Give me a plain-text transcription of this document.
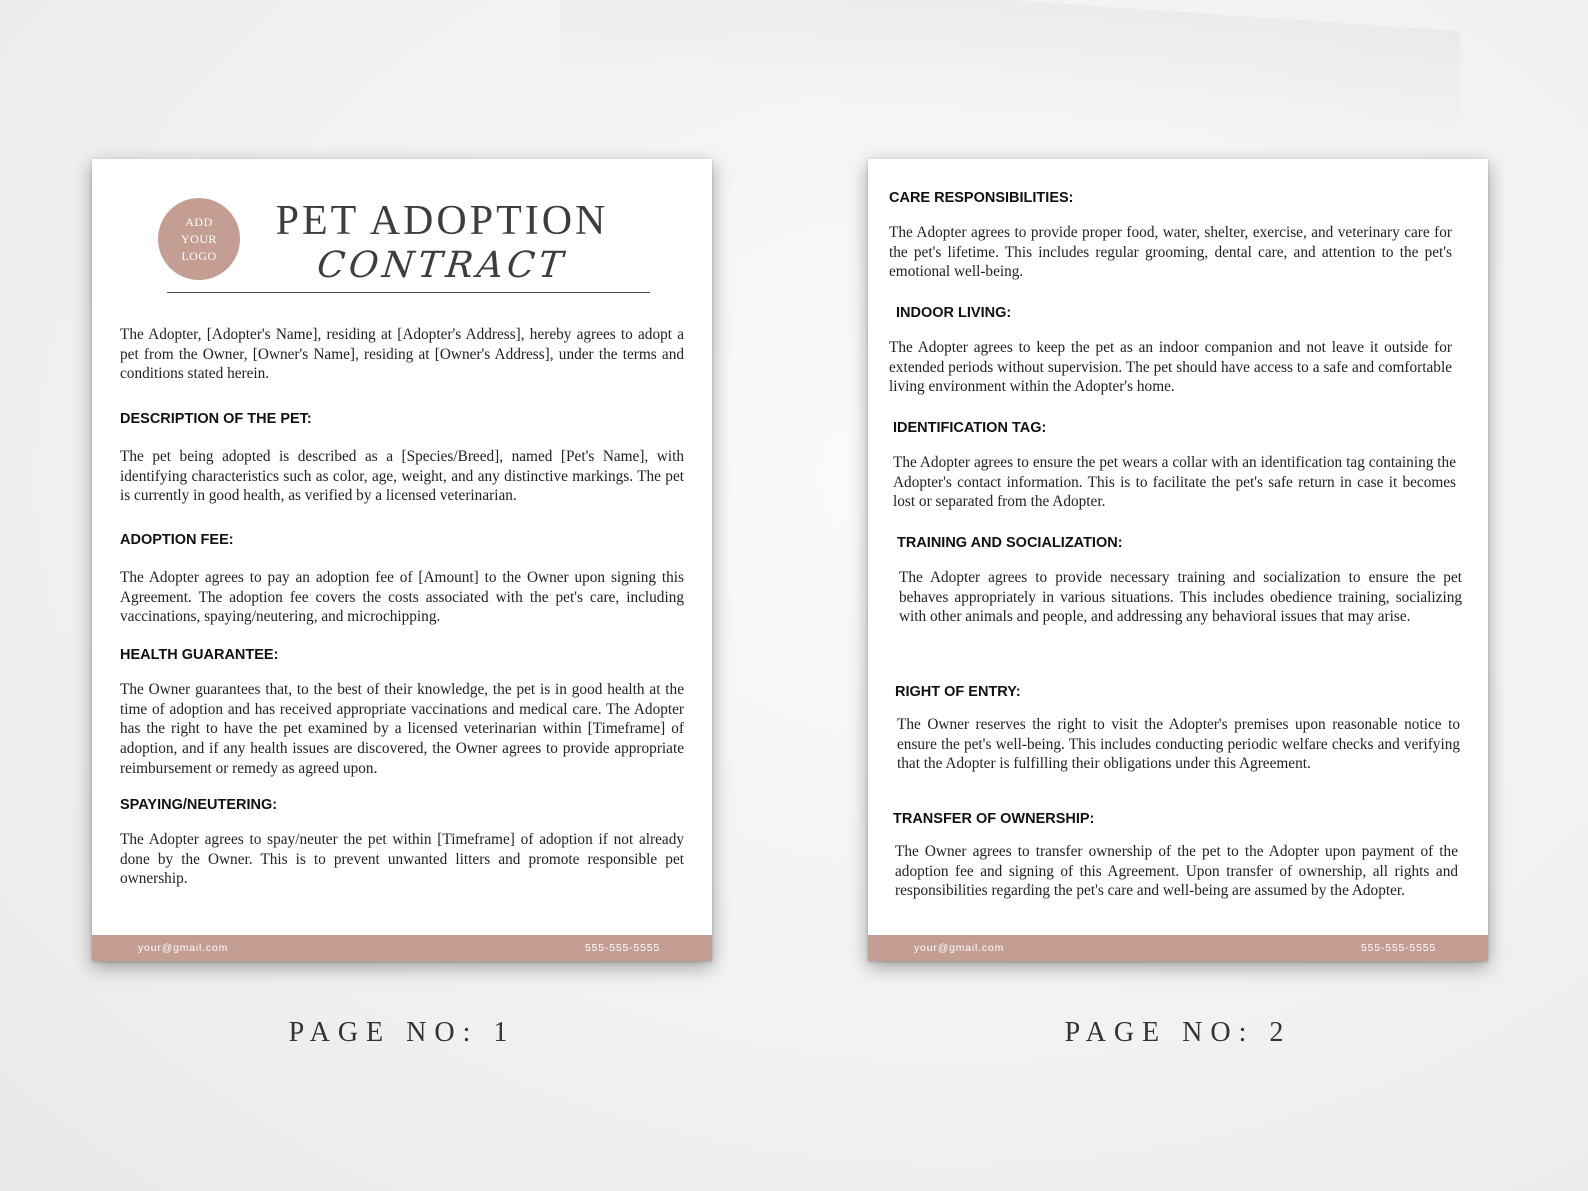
ADD
YOUR
LOGO
PET ADOPTION
CONTRACT
The Adopter, [Adopter's Name], residing at [Adopter's Address], hereby agrees to adopt a pet from the Owner, [Owner's Name], residing at [Owner's Address], under the terms and conditions stated herein.
DESCRIPTION OF THE PET:
The pet being adopted is described as a [Species/Breed], named [Pet's Name], with identifying characteristics such as color, age, weight, and any distinctive markings. The pet is currently in good health, as verified by a licensed veterinarian.
ADOPTION FEE:
The Adopter agrees to pay an adoption fee of [Amount] to the Owner upon signing this Agreement. The adoption fee covers the costs associated with the pet's care, including vaccinations, spaying/neutering, and microchipping.
HEALTH GUARANTEE:
The Owner guarantees that, to the best of their knowledge, the pet is in good health at the time of adoption and has received appropriate vaccinations and medical care. The Adopter has the right to have the pet examined by a licensed veterinarian within [Timeframe] of adoption, and if any health issues are discovered, the Owner agrees to provide appropriate reimbursement or remedy as agreed upon.
SPAYING/NEUTERING:
The Adopter agrees to spay/neuter the pet within [Timeframe] of adoption if not already done by the Owner. This is to prevent unwanted litters and promote responsible pet ownership.
your@gmail.com	555-555-5555
PAGE NO: 1
CARE RESPONSIBILITIES:
The Adopter agrees to provide proper food, water, shelter, exercise, and veterinary care for the pet's lifetime. This includes regular grooming, dental care, and attention to the pet's emotional well-being.
INDOOR LIVING:
The Adopter agrees to keep the pet as an indoor companion and not leave it outside for extended periods without supervision. The pet should have access to a safe and comfortable living environment within the Adopter's home.
IDENTIFICATION TAG:
The Adopter agrees to ensure the pet wears a collar with an identification tag containing the Adopter's contact information. This is to facilitate the pet's safe return in case it becomes lost or separated from the Adopter.
TRAINING AND SOCIALIZATION:
The Adopter agrees to provide necessary training and socialization to ensure the pet behaves appropriately in various situations. This includes obedience training, socializing with other animals and people, and addressing any behavioral issues that may arise.
RIGHT OF ENTRY:
The Owner reserves the right to visit the Adopter's premises upon reasonable notice to ensure the pet's well-being. This includes conducting periodic welfare checks and verifying that the Adopter is fulfilling their obligations under this Agreement.
TRANSFER OF OWNERSHIP:
The Owner agrees to transfer ownership of the pet to the Adopter upon payment of the adoption fee and signing of this Agreement. Upon transfer of ownership, all rights and responsibilities regarding the pet's care and well-being are assumed by the Adopter.
your@gmail.com	555-555-5555
PAGE NO: 2
